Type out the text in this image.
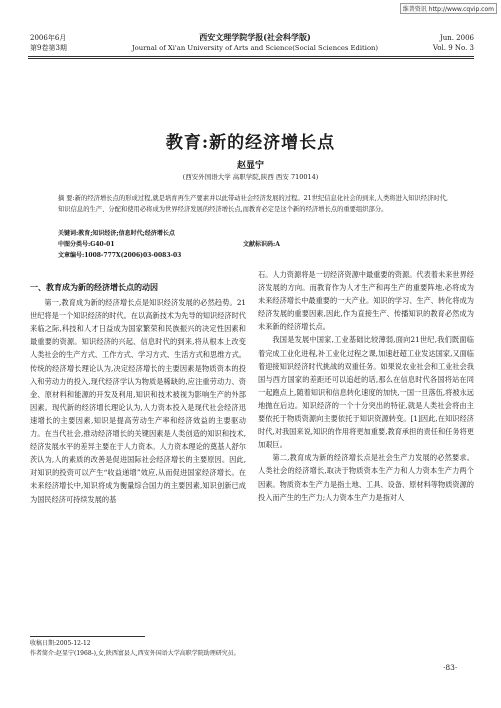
维普资讯 http://www.cqvip.com
2006年6月
第9卷第3期
西安文理学院学报(社会科学版)
Journal of Xi'an University of Arts and Science(Social Sciences Edition)
Jun. 2006
Vol. 9 No. 3
教育:新的经济增长点
赵显宁
(西安外国语大学 高职学院,陕西 西安 710014)
摘 要:新的经济增长点的形成过程,就是培育再生产要素并以此带动社会经济发展的过程。21世纪信息化社会的到来,人类将进入知识经济时代,知识信息的生产、分配和使用必将成为世界经济发展的经济增长点,而教育必定是这个新的经济增长点的重要组织部分。
关键词:教育;知识经济;信息时代;经济增长点
中图分类号:G40-01	文献标识码:A
文章编号:1008-777X(2006)03-0083-03
一、教育成为新的经济增长点的动因

第一,教育成为新的经济增长点是知识经济发展的必然趋势。21世纪将是一个知识经济的时代。在以高新技术为先导的知识经济时代来临之际,科技和人才日益成为国家繁荣和民族振兴的决定性因素和最重要的资源。知识经济的兴起、信息时代的到来,将从根本上改变人类社会的生产方式、工作方式、学习方式、生活方式和思维方式。传统的经济增长理论认为,决定经济增长的主要因素是物质资本的投入和劳动力的投入,现代经济学认为物质是稀缺的,应注重劳动力、资金、原材料和能源的开发及利用,知识和技术被视为影响生产的外部因素。现代新的经济增长理论认为,人力资本投入是现代社会经济迅速增长的主要因素,知识是提高劳动生产率和经济效益的主要驱动力。在当代社会,推动经济增长的关键因素是人类创造的知识和技术,经济发展水平的差异主要在于人力资本。人力资本理论的奠基人舒尔茨认为,人的素质的改善是促进国际社会经济增长的主要原因。因此,对知识的投资可以产生“收益递增”效应,从而促进国家经济增长。在未来经济增长中,知识将成为衡量综合国力的主要因素,知识创新已成为国民经济可持续发展的基

石。人力资源将是一切经济资源中最重要的资源。代表着未来世界经济发展的方向。而教育作为人才生产和再生产的重要阵地,必将成为未来经济增长中最重要的一大产业。知识的学习、生产、转化将成为经济发展的重要因素,因此,作为直接生产、传播知识的教育必然成为未来新的经济增长点。

我国是发展中国家,工业基础比较薄弱,面向21世纪,我们既面临着完成工业化进程,补工业化过程之课,加速赶超工业发达国家,又面临着迎接知识经济时代挑战的双重任务。如果说农业社会和工业社会我国与西方国家的差距还可以追赶的话,那么在信息时代各国将站在同一起跑点上,随着知识和信息转化速度的加快,一国一旦落伍,将被永远地抛在后边。知识经济的一个十分突出的特征,就是人类社会将由主要依托于物质资源向主要依托于知识资源转变。[1]因此,在知识经济时代,对我国来说,知识的作用将更加重要,教育承担的责任和任务将更加艰巨。

第二,教育成为新的经济增长点是社会生产力发展的必然要求。人类社会的经济增长,取决于物质资本生产力和人力资本生产力两个因素。物质资本生产力是指土地、工具、设备、原材料等物质资源的投入而产生的生产力;人力资本生产力是指对人

收稿日期:2005-12-12
作者简介:赵显宁(1968-),女,陕西富县人,西安外国语大学高职学院助理研究员。
·83·
